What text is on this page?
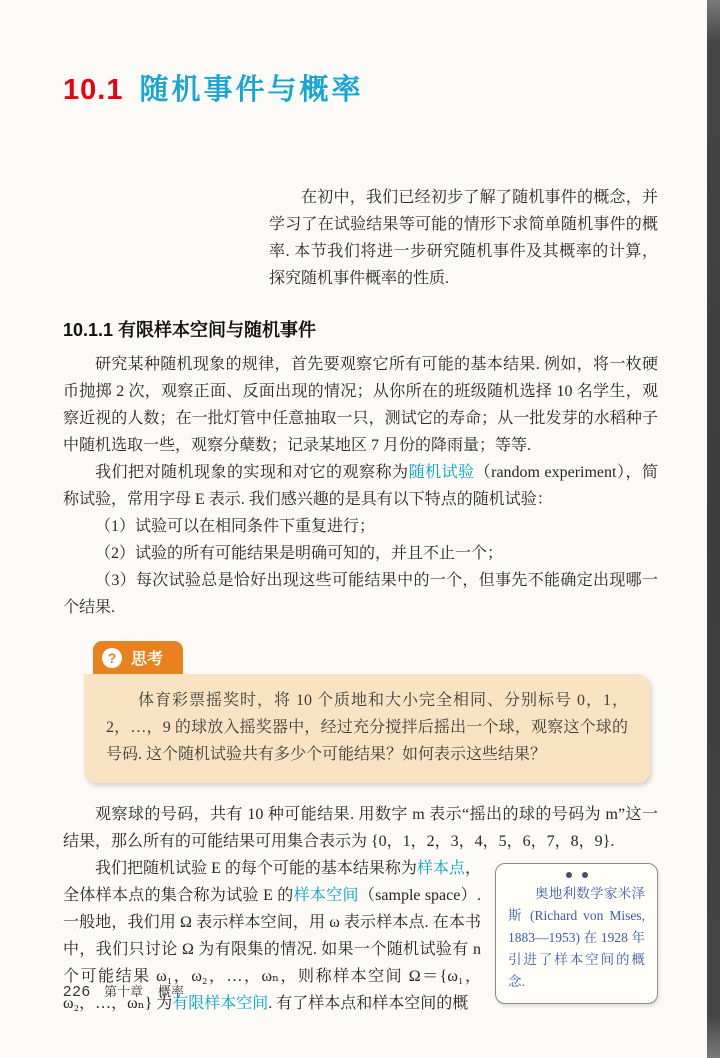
10.1 随机事件与概率

在初中，我们已经初步了解了随机事件的概念，并学习了在试验结果等可能的情形下求简单随机事件的概率. 本节我们将进一步研究随机事件及其概率的计算，探究随机事件概率的性质.

10.1.1 有限样本空间与随机事件

研究某种随机现象的规律，首先要观察它所有可能的基本结果. 例如，将一枚硬币抛掷 2 次，观察正面、反面出现的情况；从你所在的班级随机选择 10 名学生，观察近视的人数；在一批灯管中任意抽取一只，测试它的寿命；从一批发芽的水稻种子中随机选取一些，观察分蘖数；记录某地区 7 月份的降雨量；等等.

我们把对随机现象的实现和对它的观察称为随机试验（random experiment），简称试验，常用字母 E 表示. 我们感兴趣的是具有以下特点的随机试验：

（1）试验可以在相同条件下重复进行；

（2）试验的所有可能结果是明确可知的，并且不止一个；

（3）每次试验总是恰好出现这些可能结果中的一个，但事先不能确定出现哪一个结果.

? 思考

体育彩票摇奖时，将 10 个质地和大小完全相同、分别标号 0，1，2，…，9 的球放入摇奖器中，经过充分搅拌后摇出一个球，观察这个球的号码. 这个随机试验共有多少个可能结果？如何表示这些结果？

观察球的号码，共有 10 种可能结果. 用数字 m 表示“摇出的球的号码为 m”这一结果，那么所有的可能结果可用集合表示为 {0，1，2，3，4，5，6，7，8，9}.

奥地利数学家米泽斯 (Richard von Mises, 1883—1953) 在 1928 年引进了样本空间的概念.

我们把随机试验 E 的每个可能的基本结果称为样本点，全体样本点的集合称为试验 E 的样本空间（sample space）. 一般地，我们用 Ω 表示样本空间，用 ω 表示样本点. 在本书中，我们只讨论 Ω 为有限集的情况. 如果一个随机试验有 n 个可能结果 ω₁，ω₂，…，ωₙ，则称样本空间 Ω＝{ω₁，ω₂，…，ωₙ} 为有限样本空间. 有了样本点和样本空间的概

226 第十章 概率
